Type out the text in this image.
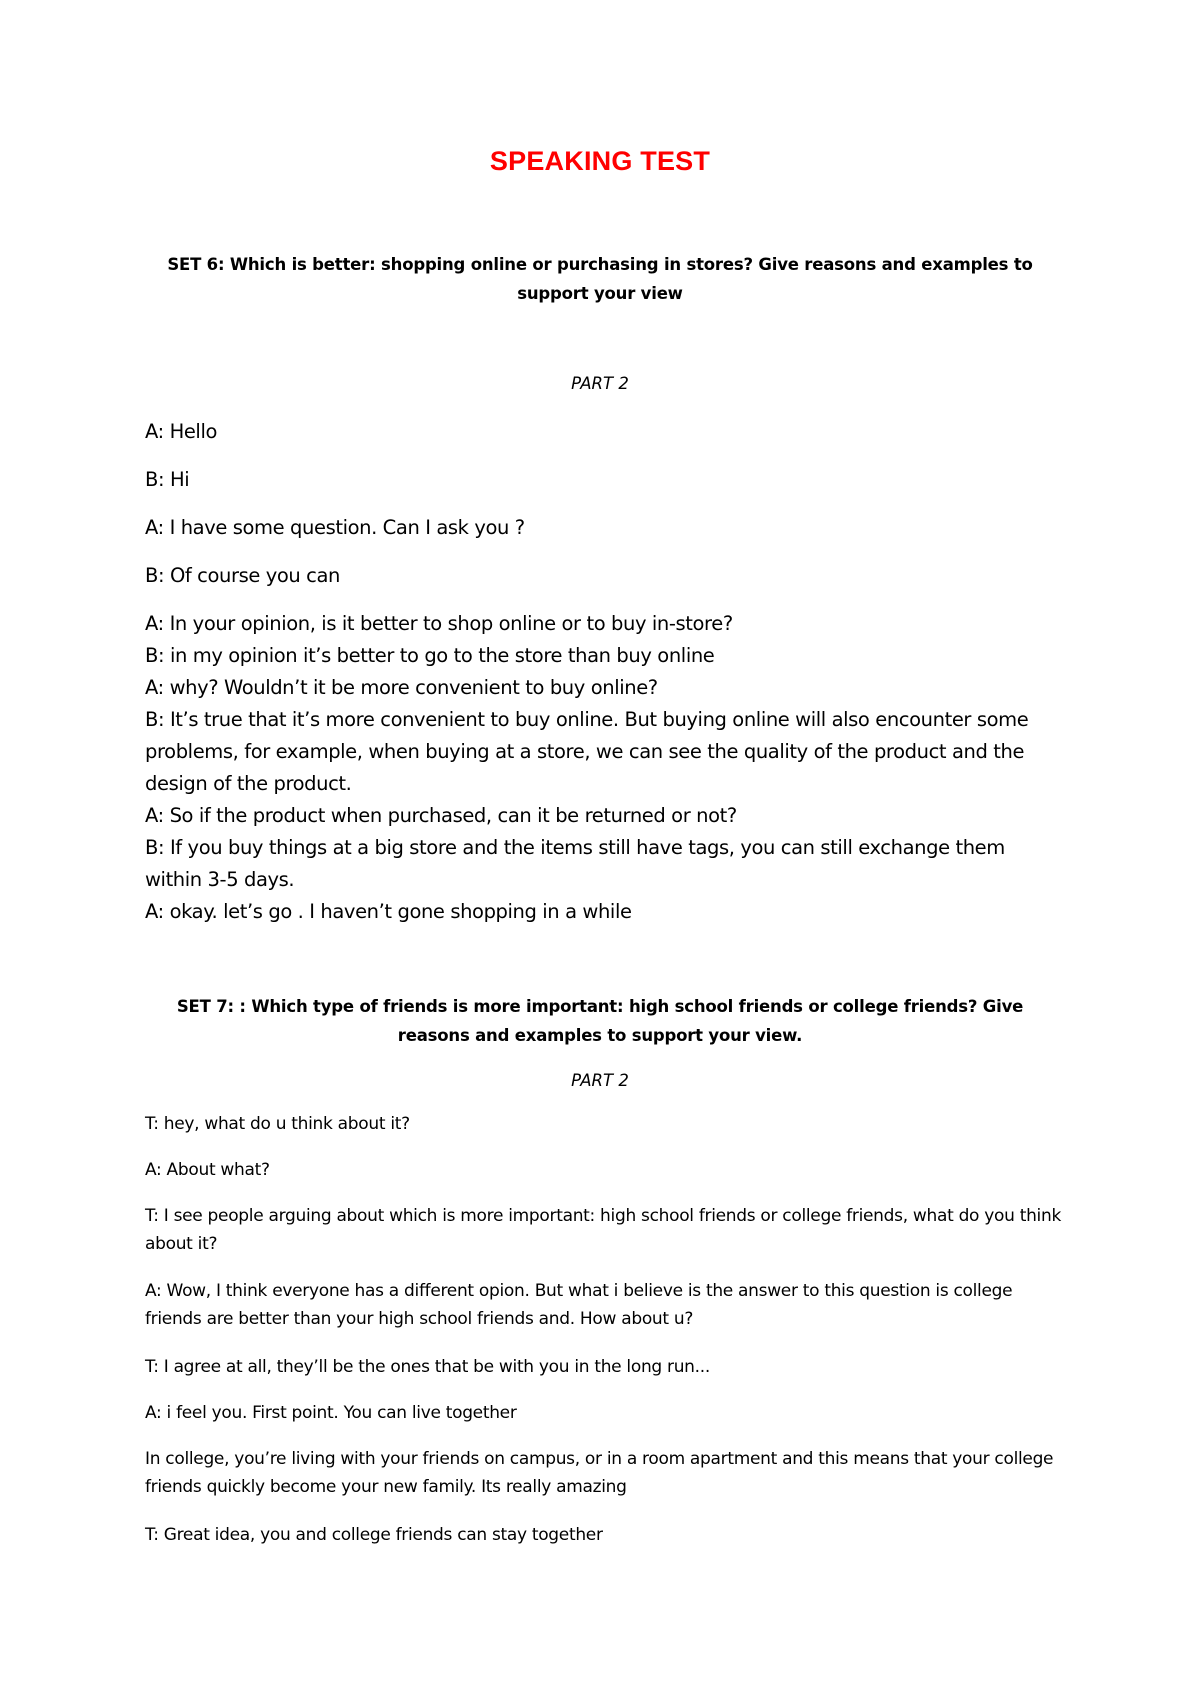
SPEAKING TEST
SET 6: Which is better: shopping online or purchasing in stores? Give reasons and examples to support your view
PART 2
A: Hello
B: Hi
A: I have some question. Can I ask you ?
B: Of course you can
A: In your opinion, is it better to shop online or to buy in-store?
B: in my opinion it’s better to go to the store than buy online
A: why? Wouldn’t it be more convenient to buy online?
B: It’s true that it’s more convenient to buy online. But buying online will also encounter some problems, for example, when buying at a store, we can see the quality of the product and the design of the product.
A: So if the product when purchased, can it be returned or not?
B: If you buy things at a big store and the items still have tags, you can still exchange them within 3-5 days.
A: okay. let’s go . I haven’t gone shopping in a while
SET 7: : Which type of friends is more important: high school friends or college friends? Give reasons and examples to support your view.
PART 2
T: hey, what do u think about it?
A: About what?
T: I see people arguing about which is more important: high school friends or college friends, what do you think about it?
A: Wow, I think everyone has a different opion. But what i believe is the answer to this question is college friends are better than your high school friends and. How about u?
T: I agree at all, they’ll be the ones that be with you in the long run...
A: i feel you. First point. You can live together
In college, you’re living with your friends on campus, or in a room apartment and this means that your college friends quickly become your new family. Its really amazing
T: Great idea, you and college friends can stay together
